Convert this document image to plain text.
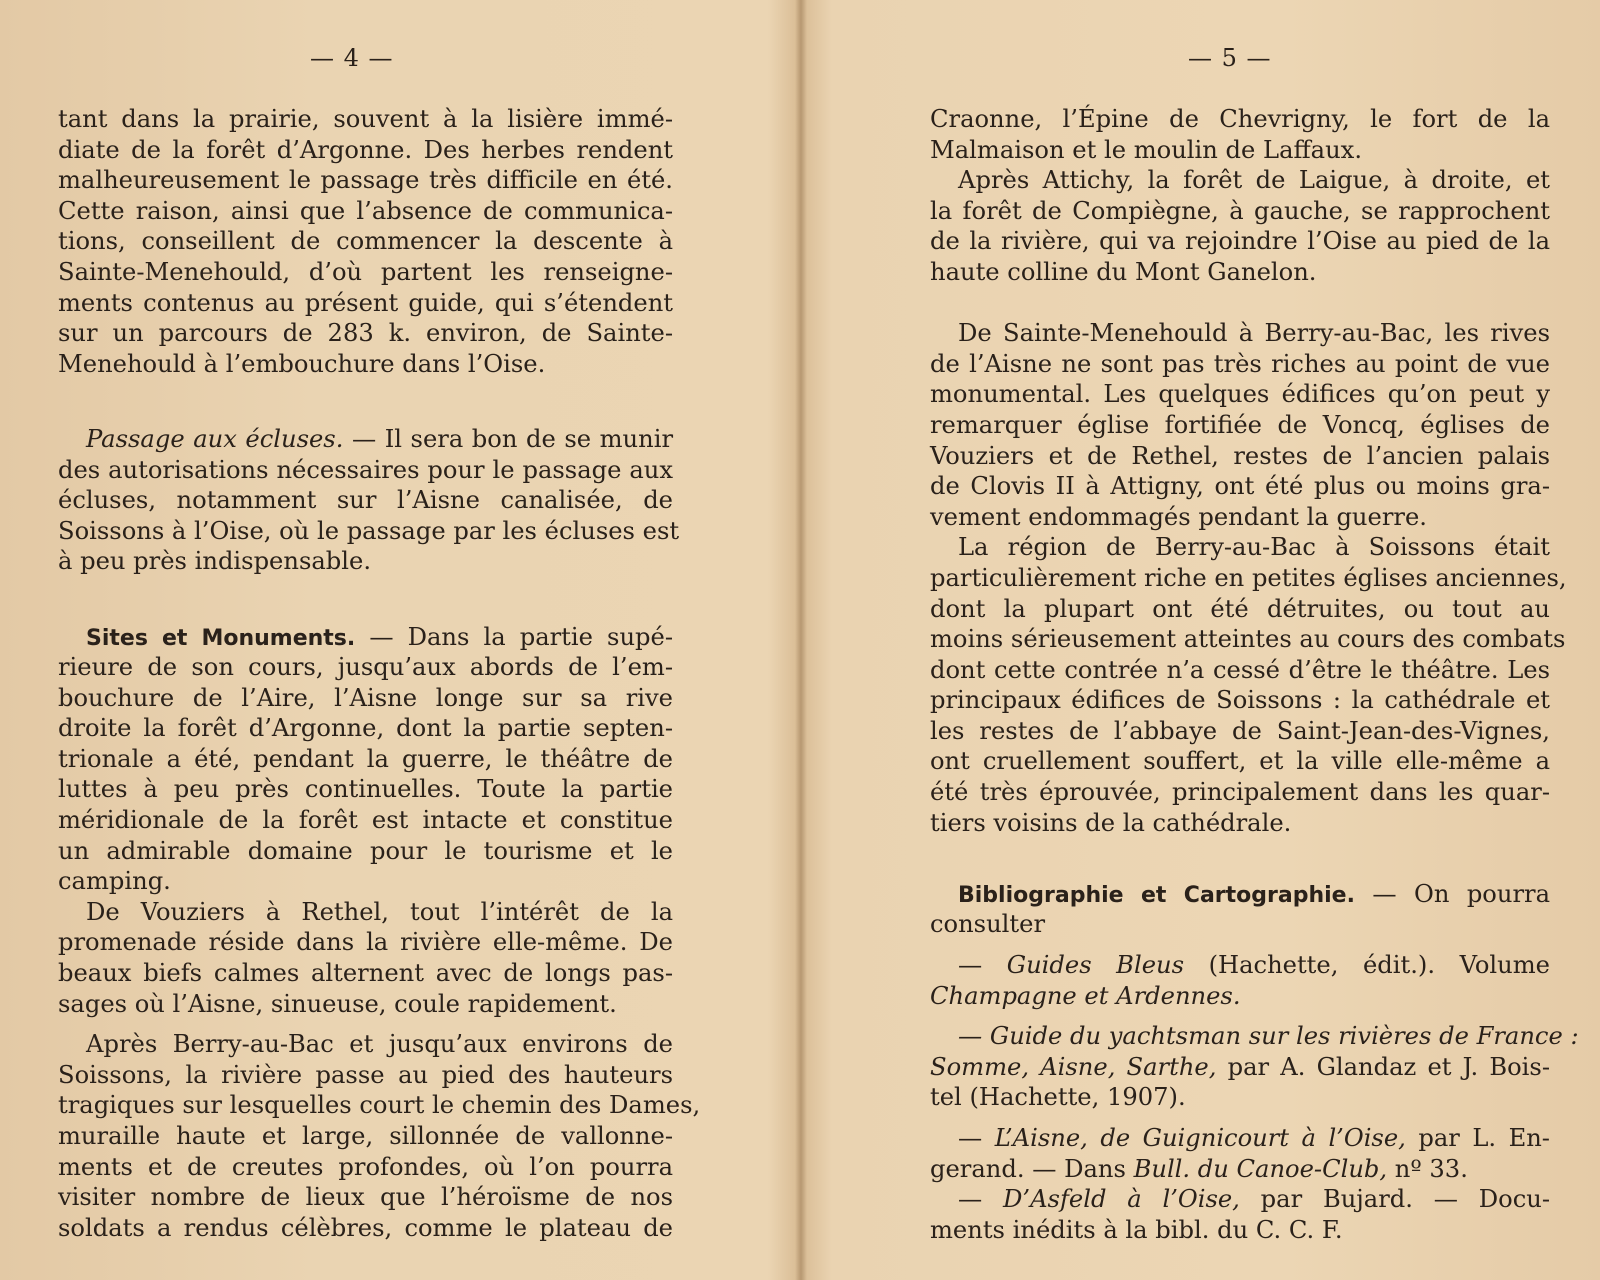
— 4 —
tant dans la prairie, souvent à la lisière immé-
diate de la forêt d’Argonne. Des herbes rendent
malheureusement le passage très difficile en été.
Cette raison, ainsi que l’absence de communica-
tions, conseillent de commencer la descente à
Sainte-Menehould, d’où partent les renseigne-
ments contenus au présent guide, qui s’étendent
sur un parcours de 283 k. environ, de Sainte-
Menehould à l’embouchure dans l’Oise.
Passage aux écluses. — Il sera bon de se munir
des autorisations nécessaires pour le passage aux
écluses, notamment sur l’Aisne canalisée, de
Soissons à l’Oise, où le passage par les écluses est
à peu près indispensable.
Sites et Monuments. — Dans la partie supé-
rieure de son cours, jusqu’aux abords de l’em-
bouchure de l’Aire, l’Aisne longe sur sa rive
droite la forêt d’Argonne, dont la partie septen-
trionale a été, pendant la guerre, le théâtre de
luttes à peu près continuelles. Toute la partie
méridionale de la forêt est intacte et constitue
un admirable domaine pour le tourisme et le
camping.
De Vouziers à Rethel, tout l’intérêt de la
promenade réside dans la rivière elle-même. De
beaux biefs calmes alternent avec de longs pas-
sages où l’Aisne, sinueuse, coule rapidement.
Après Berry-au-Bac et jusqu’aux environs de
Soissons, la rivière passe au pied des hauteurs
tragiques sur lesquelles court le chemin des Dames,
muraille haute et large, sillonnée de vallonne-
ments et de creutes profondes, où l’on pourra
visiter nombre de lieux que l’héroïsme de nos
soldats a rendus célèbres, comme le plateau de
— 5 —
Craonne, l’Épine de Chevrigny, le fort de la
Malmaison et le moulin de Laffaux.
Après Attichy, la forêt de Laigue, à droite, et
la forêt de Compiègne, à gauche, se rapprochent
de la rivière, qui va rejoindre l’Oise au pied de la
haute colline du Mont Ganelon.
De Sainte-Menehould à Berry-au-Bac, les rives
de l’Aisne ne sont pas très riches au point de vue
monumental. Les quelques édifices qu’on peut y
remarquer église fortifiée de Voncq, églises de
Vouziers et de Rethel, restes de l’ancien palais
de Clovis II à Attigny, ont été plus ou moins gra-
vement endommagés pendant la guerre.
La région de Berry-au-Bac à Soissons était
particulièrement riche en petites églises anciennes,
dont la plupart ont été détruites, ou tout au
moins sérieusement atteintes au cours des combats
dont cette contrée n’a cessé d’être le théâtre. Les
principaux édifices de Soissons : la cathédrale et
les restes de l’abbaye de Saint-Jean-des-Vignes,
ont cruellement souffert, et la ville elle-même a
été très éprouvée, principalement dans les quar-
tiers voisins de la cathédrale.
Bibliographie et Cartographie. — On pourra
consulter
— Guides Bleus (Hachette, édit.). Volume
Champagne et Ardennes.
— Guide du yachtsman sur les rivières de France :
Somme, Aisne, Sarthe, par A. Glandaz et J. Bois-
tel (Hachette, 1907).
— L’Aisne, de Guignicourt à l’Oise, par L. En-
gerand. — Dans Bull. du Canoe-Club, nº 33.
— D’Asfeld à l’Oise, par Bujard. — Docu-
ments inédits à la bibl. du C. C. F.
